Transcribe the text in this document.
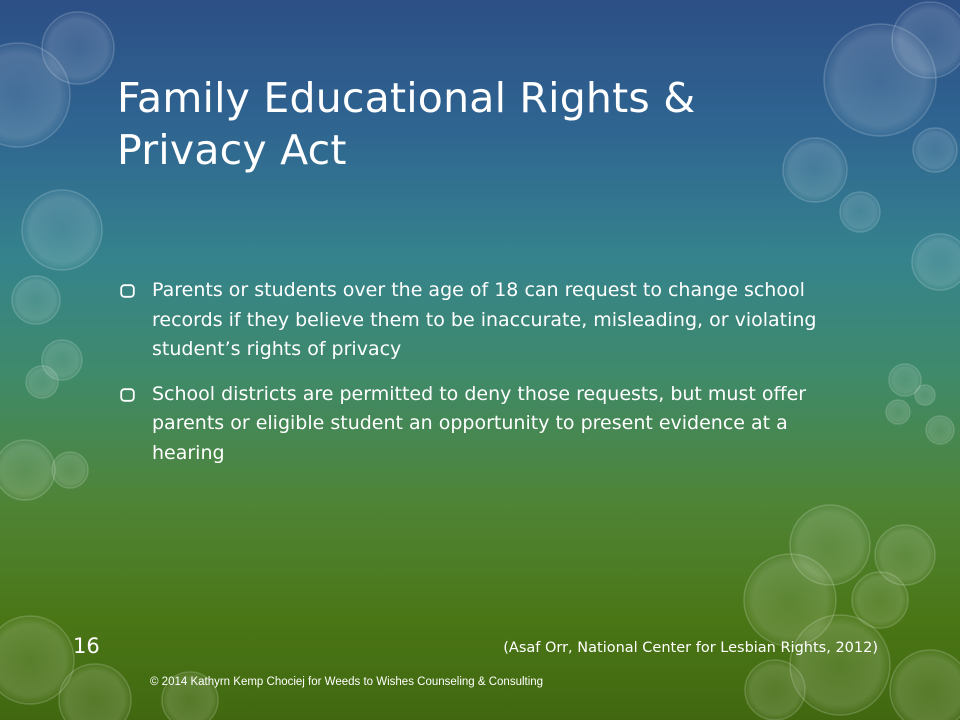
Family Educational Rights & Privacy Act
Parents or students over the age of 18 can request to change school records if they believe them to be inaccurate, misleading, or violating student’s rights of privacy
School districts are permitted to deny those requests, but must offer parents or eligible student an opportunity to present evidence at a hearing
16	(Asaf Orr, National Center for Lesbian Rights, 2012)
© 2014 Kathyrn Kemp Chociej for Weeds to Wishes Counseling & Consulting
